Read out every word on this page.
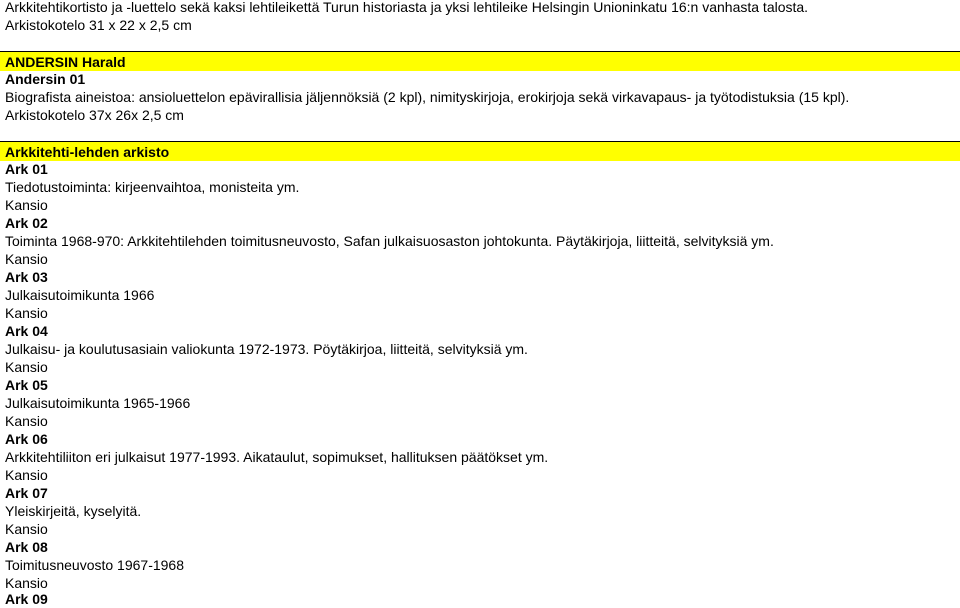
Arkkitehtikortisto ja -luettelo sekä kaksi lehtileikettä Turun historiasta ja yksi lehtileike Helsingin Unioninkatu 16:n vanhasta talosta.
Arkistokotelo 31 x 22 x 2,5 cm
ANDERSIN Harald
Andersin 01
Biografista aineistoa: ansioluettelon epävirallisia jäljennöksiä (2 kpl), nimityskirjoja, erokirjoja sekä virkavapaus- ja työtodistuksia (15 kpl).
Arkistokotelo 37x 26x 2,5 cm
Arkkitehti-lehden arkisto
Ark 01
Tiedotustoiminta: kirjeenvaihtoa, monisteita ym.
Kansio
Ark 02
Toiminta 1968-970: Arkkitehtilehden toimitusneuvosto, Safan julkaisuosaston johtokunta. Päytäkirjoja, liitteitä, selvityksiä ym.
Kansio
Ark 03
Julkaisutoimikunta 1966
Kansio
Ark 04
Julkaisu- ja koulutusasiain valiokunta 1972-1973. Pöytäkirjoa, liitteitä, selvityksiä ym.
Kansio
Ark 05
Julkaisutoimikunta 1965-1966
Kansio
Ark 06
Arkkitehtiliiton eri julkaisut 1977-1993. Aikataulut, sopimukset, hallituksen päätökset ym.
Kansio
Ark 07
Yleiskirjeitä, kyselyitä.
Kansio
Ark 08
Toimitusneuvosto 1967-1968
Kansio
Ark 09
